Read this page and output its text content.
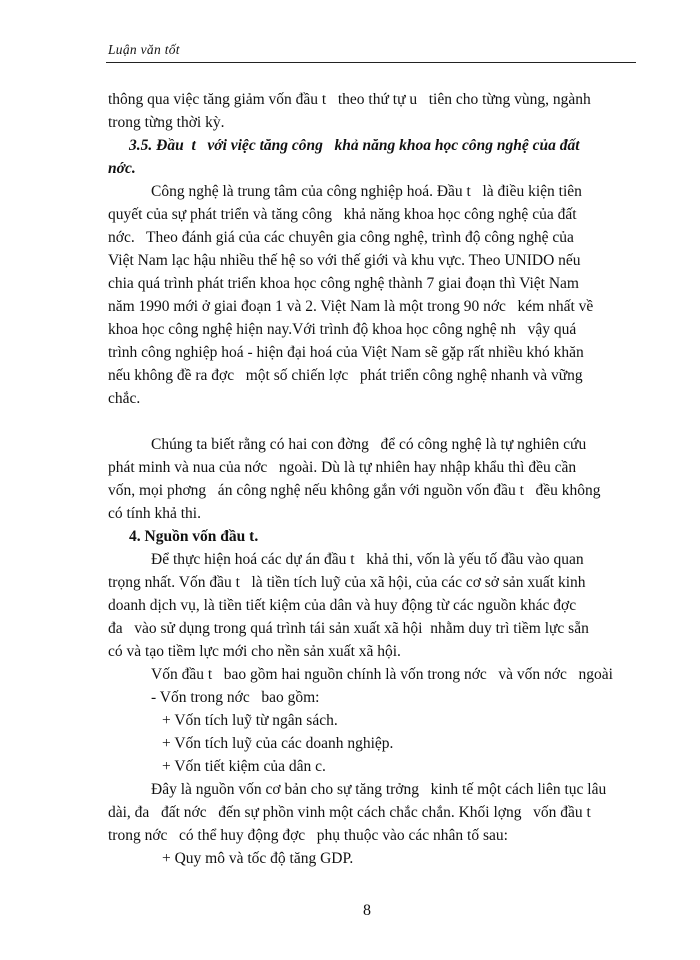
Luận văn tốt

thông qua việc tăng giảm vốn đầu t   theo thứ tự u   tiên cho từng vùng, ngành

trong từng thời kỳ.

3.5. Đầu  t   với việc tăng công   khả năng khoa học công nghệ của đất

nớc.

Công nghệ là trung tâm của công nghiệp hoá. Đầu t   là điều kiện tiên

quyết của sự phát triển và tăng công   khả năng khoa học công nghệ của đất

nớc.   Theo đánh giá của các chuyên gia công nghệ, trình độ công nghệ của

Việt Nam lạc hậu nhiều thế hệ so với thế giới và khu vực. Theo UNIDO nếu

chia quá trình phát triển khoa học công nghệ thành 7 giai đoạn thì Việt Nam

năm 1990 mới ở giai đoạn 1 và 2. Việt Nam là một trong 90 nớc   kém nhất về

khoa học công nghệ hiện nay.Với trình độ khoa học công nghệ nh   vậy quá

trình công nghiệp hoá - hiện đại hoá của Việt Nam sẽ gặp rất nhiều khó khăn

nếu không đề ra đợc   một số chiến lợc   phát triển công nghệ nhanh và vững

chắc.

Chúng ta biết rằng có hai con đờng   để có công nghệ là tự nghiên cứu

phát minh và nua của nớc   ngoài. Dù là tự nhiên hay nhập khẩu thì đều cần

vốn, mọi phơng   án công nghệ nếu không gắn với nguồn vốn đầu t   đều không

có tính khả thi.

4. Nguồn vốn đầu t.

Để thực hiện hoá các dự án đầu t   khả thi, vốn là yếu tố đầu vào quan

trọng nhất. Vốn đầu t   là tiền tích luỹ của xã hội, của các cơ sở sản xuất kinh

doanh dịch vụ, là tiền tiết kiệm của dân và huy động từ các nguồn khác đợc

đa   vào sử dụng trong quá trình tái sản xuất xã hội  nhằm duy trì tiềm lực sẵn

có và tạo tiềm lực mới cho nền sản xuất xã hội.

Vốn đầu t   bao gồm hai nguồn chính là vốn trong nớc   và vốn nớc   ngoài

- Vốn trong nớc   bao gồm:

+ Vốn tích luỹ từ ngân sách.

+ Vốn tích luỹ của các doanh nghiệp.

+ Vốn tiết kiệm của dân c.

Đây là nguồn vốn cơ bản cho sự tăng trởng   kinh tế một cách liên tục lâu

dài, đa   đất nớc   đến sự phồn vinh một cách chắc chắn. Khối lợng   vốn đầu t

trong nớc   có thể huy động đợc   phụ thuộc vào các nhân tố sau:

+ Quy mô và tốc độ tăng GDP.

8
